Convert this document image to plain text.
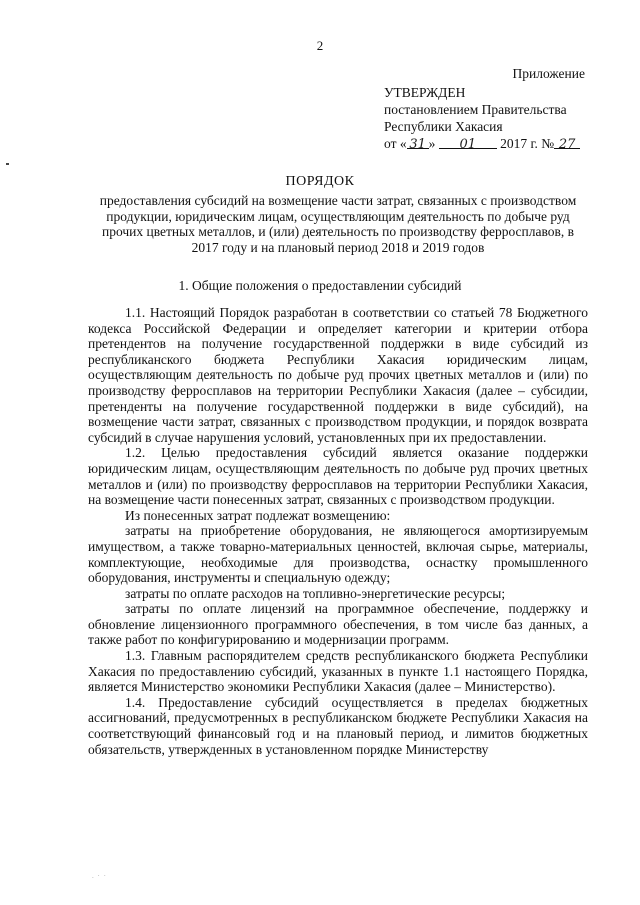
2
Приложение
УТВЕРЖДЕН
постановлением Правительства
Республики Хакасия
от « 31 » 01 2017 г. № 27
ПОРЯДОК
предоставления субсидий на возмещение части затрат, связанных с производством продукции, юридическим лицам, осуществляющим деятельность по добыче руд прочих цветных металлов, и (или) деятельность по производству ферросплавов, в 2017 году и на плановый период 2018 и 2019 годов
1. Общие положения о предоставлении субсидий

1.1. Настоящий Порядок разработан в соответствии со статьей 78 Бюджетного кодекса Российской Федерации и определяет категории и критерии отбора претендентов на получение государственной поддержки в виде субсидий из республиканского бюджета Республики Хакасия юридическим лицам, осуществляющим деятельность по добыче руд прочих цветных металлов и (или) по производству ферросплавов на территории Республики Хакасия (далее – субсидии, претенденты на получение государственной поддержки в виде субсидий), на возмещение части затрат, связанных с производством продукции, и порядок возврата субсидий в случае нарушения условий, установленных при их предоставлении.

1.2. Целью предоставления субсидий является оказание поддержки юридическим лицам, осуществляющим деятельность по добыче руд прочих цветных металлов и (или) по производству ферросплавов на территории Республики Хакасия, на возмещение части понесенных затрат, связанных с производством продукции.

Из понесенных затрат подлежат возмещению:

затраты на приобретение оборудования, не являющегося амортизируемым имуществом, а также товарно-материальных ценностей, включая сырье, материалы, комплектующие, необходимые для производства, оснастку промышленного оборудования, инструменты и специальную одежду;

затраты по оплате расходов на топливно-энергетические ресурсы;

затраты по оплате лицензий на программное обеспечение, поддержку и обновление лицензионного программного обеспечения, в том числе баз данных, а также работ по конфигурированию и модернизации программ.

1.3. Главным распорядителем средств республиканского бюджета Республики Хакасия по предоставлению субсидий, указанных в пункте 1.1 настоящего Порядка, является Министерство экономики Республики Хакасия (далее – Министерство).

1.4. Предоставление субсидий осуществляется в пределах бюджетных ассигнований, предусмотренных в республиканском бюджете Республики Хакасия на соответствующий финансовый год и на плановый период, и лимитов бюджетных обязательств, утвержденных в установленном порядке Министерству

. · ·
